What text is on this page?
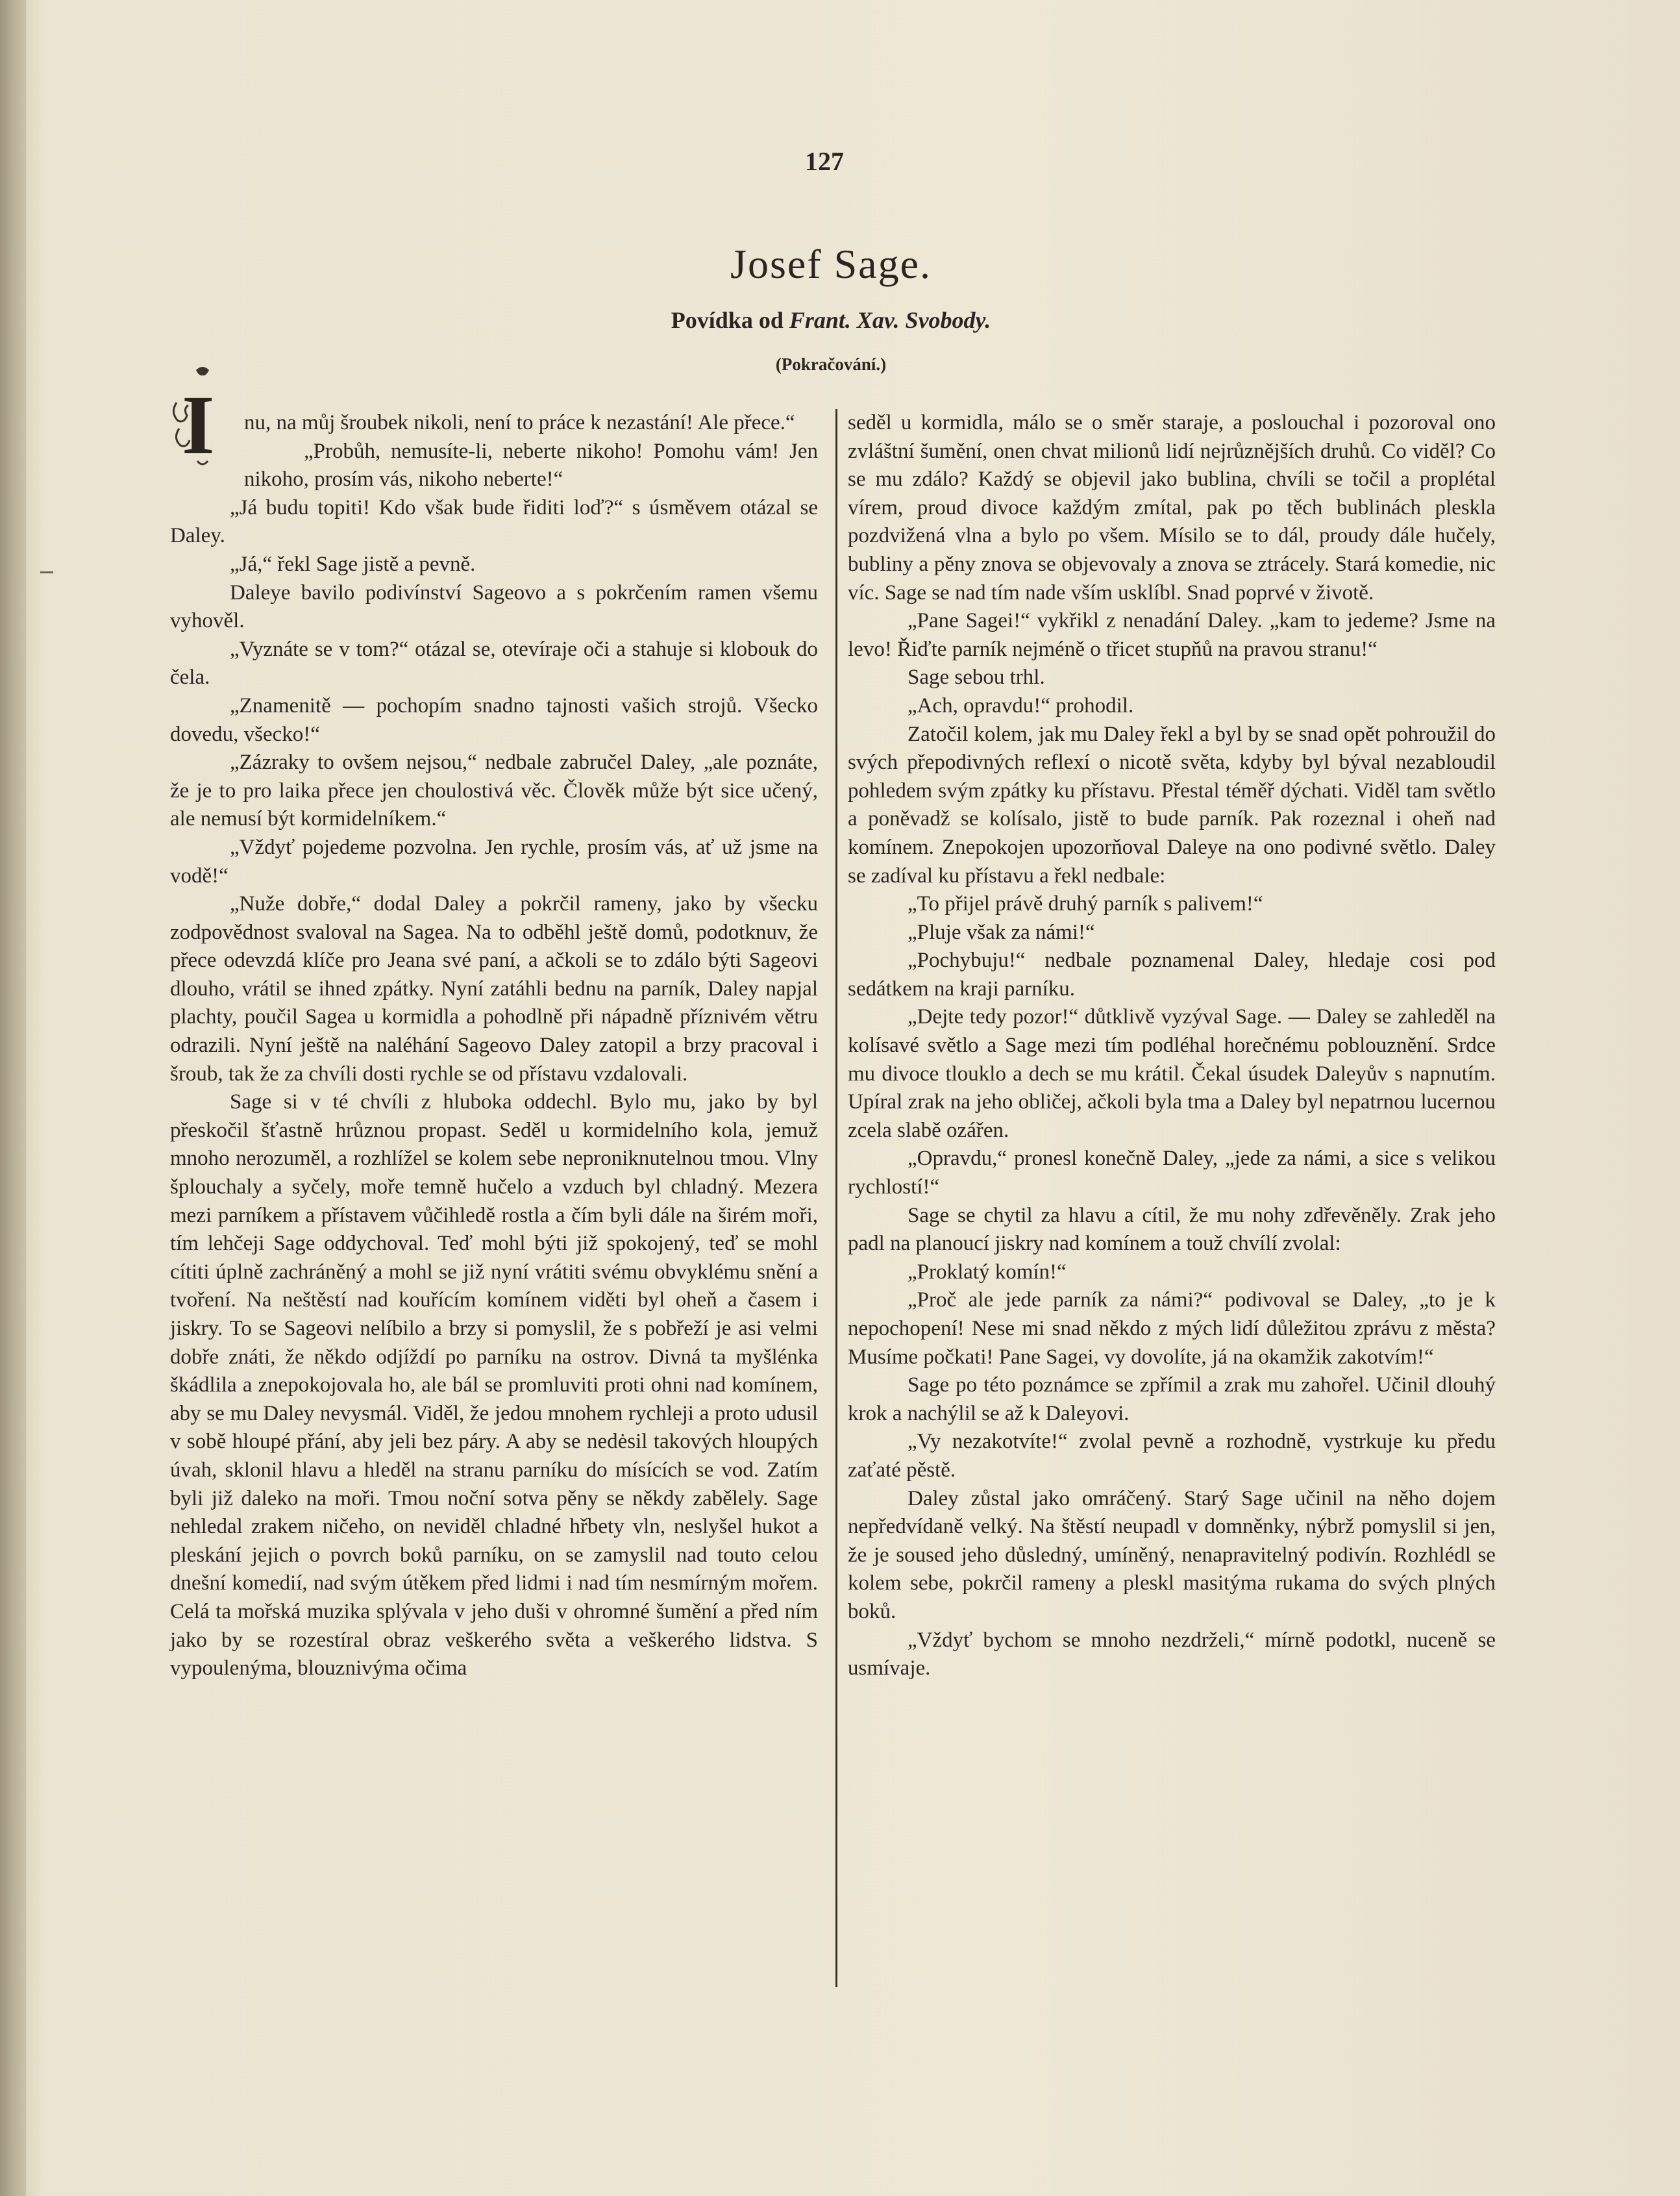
127
Josef Sage.
Povídka od Frant. Xav. Svobody.
(Pokračování.)

I nu, na můj šroubek nikoli, není to práce k nezastání! Ale přece.“

„Probůh, nemusíte-li, neberte nikoho! Pomohu vám! Jen nikoho, prosím vás, nikoho neberte!“

„Já budu topiti! Kdo však bude řiditi loď?“ s úsměvem otázal se Daley.

„Já,“ řekl Sage jistě a pevně.

Daleye bavilo podivínství Sageovo a s pokrčením ramen všemu vyhověl.

„Vyznáte se v tom?“ otázal se, otevíraje oči a stahuje si klobouk do čela.

„Znamenitě — pochopím snadno tajnosti vašich strojů. Všecko dovedu, všecko!“

„Zázraky to ovšem nejsou,“ nedbale zabručel Daley, „ale poznáte, že je to pro laika přece jen choulostivá věc. Člověk může být sice učený, ale nemusí být kormidelníkem.“

„Vždyť pojedeme pozvolna. Jen rychle, prosím vás, ať už jsme na vodě!“

„Nuže dobře,“ dodal Daley a pokrčil rameny, jako by všecku zodpovědnost svaloval na Sagea. Na to odběhl ještě domů, podotknuv, že přece odevzdá klíče pro Jeana své paní, a ačkoli se to zdálo býti Sageovi dlouho, vrátil se ihned zpátky. Nyní zatáhli bednu na parník, Daley napjal plachty, poučil Sagea u kormidla a pohodlně při nápadně příznivém větru odrazili. Nyní ještě na naléhání Sageovo Daley zatopil a brzy pracoval i šroub, tak že za chvíli dosti rychle se od přístavu vzdalovali.

Sage si v té chvíli z hluboka oddechl. Bylo mu, jako by byl přeskočil šťastně hrůznou propast. Seděl u kormidelního kola, jemuž mnoho nerozuměl, a rozhlížel se kolem sebe neproniknutelnou tmou. Vlny šplouchaly a syčely, moře temně hučelo a vzduch byl chladný. Mezera mezi parníkem a přístavem vůčihledě rostla a čím byli dále na širém moři, tím lehčeji Sage oddychoval. Teď mohl býti již spokojený, teď se mohl cítiti úplně zachráněný a mohl se již nyní vrátiti svému obvyklému snění a tvoření. Na neštěstí nad kouřícím komínem viděti byl oheň a časem i jiskry. To se Sageovi nelíbilo a brzy si pomyslil, že s pobřeží je asi velmi dobře znáti, že někdo odjíždí po parníku na ostrov. Divná ta myšlénka škádlila a znepokojovala ho, ale bál se promluviti proti ohni nad komínem, aby se mu Daley nevysmál. Viděl, že jedou mnohem rychleji a proto udusil v sobě hloupé přání, aby jeli bez páry. A aby se nedėsil takových hloupých úvah, sklonil hlavu a hleděl na stranu parníku do mísících se vod. Zatím byli již daleko na moři. Tmou noční sotva pěny se někdy zabělely. Sage nehledal zrakem ničeho, on neviděl chladné hřbety vln, neslyšel hukot a pleskání jejich o povrch boků parníku, on se zamyslil nad touto celou dnešní komedií, nad svým útěkem před lidmi i nad tím nesmírným mořem. Celá ta mořská muzika splývala v jeho duši v ohromné šumění a před ním jako by se rozestíral obraz veškerého světa a veškerého lidstva. S vypoulenýma, blouznivýma očima

seděl u kormidla, málo se o směr staraje, a poslouchal i pozoroval ono zvláštní šumění, onen chvat milionů lidí nejrůznějších druhů. Co viděl? Co se mu zdálo? Každý se objevil jako bublina, chvíli se točil a proplétal vírem, proud divoce každým zmítal, pak po těch bublinách pleskla pozdvižená vlna a bylo po všem. Mísilo se to dál, proudy dále hučely, bubliny a pěny znova se objevovaly a znova se ztrácely. Stará komedie, nic víc. Sage se nad tím nade vším usklíbl. Snad poprvé v životě.

„Pane Sagei!“ vykřikl z nenadání Daley. „kam to jedeme? Jsme na levo! Řiďte parník nejméně o třicet stupňů na pravou stranu!“

Sage sebou trhl.

„Ach, opravdu!“ prohodil.

Zatočil kolem, jak mu Daley řekl a byl by se snad opět pohroužil do svých přepodivných reflexí o nicotě světa, kdyby byl býval nezabloudil pohledem svým zpátky ku přístavu. Přestal téměř dýchati. Viděl tam světlo a poněvadž se kolísalo, jistě to bude parník. Pak rozeznal i oheň nad komínem. Znepokojen upozorňoval Daleye na ono podivné světlo. Daley se zadíval ku přístavu a řekl nedbale:

„To přijel právě druhý parník s palivem!“

„Pluje však za námi!“

„Pochybuju!“ nedbale poznamenal Daley, hledaje cosi pod sedátkem na kraji parníku.

„Dejte tedy pozor!“ důtklivě vyzýval Sage. — Daley se zahleděl na kolísavé světlo a Sage mezi tím podléhal horečnému poblouznění. Srdce mu divoce tlouklo a dech se mu krátil. Čekal úsudek Daleyův s napnutím. Upíral zrak na jeho obličej, ačkoli byla tma a Daley byl nepatrnou lucernou zcela slabě ozářen.

„Opravdu,“ pronesl konečně Daley, „jede za námi, a sice s velikou rychlostí!“

Sage se chytil za hlavu a cítil, že mu nohy zdřevěněly. Zrak jeho padl na planoucí jiskry nad komínem a touž chvílí zvolal:

„Proklatý komín!“

„Proč ale jede parník za námi?“ podivoval se Daley, „to je k nepochopení! Nese mi snad někdo z mých lidí důležitou zprávu z města? Musíme počkati! Pane Sagei, vy dovolíte, já na okamžik zakotvím!“

Sage po této poznámce se zpřímil a zrak mu zahořel. Učinil dlouhý krok a nachýlil se až k Daleyovi.

„Vy nezakotvíte!“ zvolal pevně a rozhodně, vystrkuje ku předu zaťaté pěstě.

Daley zůstal jako omráčený. Starý Sage učinil na něho dojem nepředvídaně velký. Na štěstí neupadl v domněnky, nýbrž pomyslil si jen, že je soused jeho důsledný, umíněný, nenapravitelný podivín. Rozhlédl se kolem sebe, pokrčil rameny a pleskl masitýma rukama do svých plných boků.

„Vždyť bychom se mnoho nezdrželi,“ mírně podotkl, nuceně se usmívaje.
